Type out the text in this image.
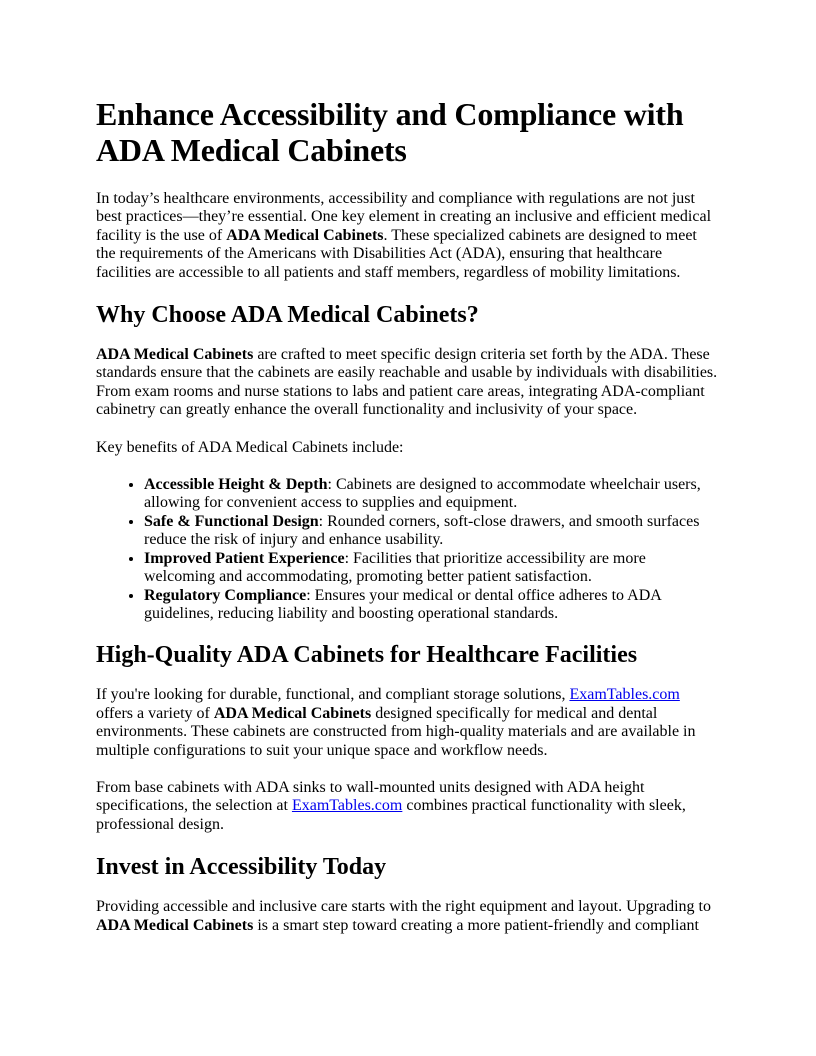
Enhance Accessibility and Compliance with ADA Medical Cabinets

In today’s healthcare environments, accessibility and compliance with regulations are not just best practices—they’re essential. One key element in creating an inclusive and efficient medical facility is the use of ADA Medical Cabinets. These specialized cabinets are designed to meet the requirements of the Americans with Disabilities Act (ADA), ensuring that healthcare facilities are accessible to all patients and staff members, regardless of mobility limitations.

Why Choose ADA Medical Cabinets?

ADA Medical Cabinets are crafted to meet specific design criteria set forth by the ADA. These standards ensure that the cabinets are easily reachable and usable by individuals with disabilities. From exam rooms and nurse stations to labs and patient care areas, integrating ADA-compliant cabinetry can greatly enhance the overall functionality and inclusivity of your space.

Key benefits of ADA Medical Cabinets include:

• Accessible Height & Depth: Cabinets are designed to accommodate wheelchair users, allowing for convenient access to supplies and equipment.
• Safe & Functional Design: Rounded corners, soft-close drawers, and smooth surfaces reduce the risk of injury and enhance usability.
• Improved Patient Experience: Facilities that prioritize accessibility are more welcoming and accommodating, promoting better patient satisfaction.
• Regulatory Compliance: Ensures your medical or dental office adheres to ADA guidelines, reducing liability and boosting operational standards.
High-Quality ADA Cabinets for Healthcare Facilities

If you're looking for durable, functional, and compliant storage solutions, ExamTables.com offers a variety of ADA Medical Cabinets designed specifically for medical and dental environments. These cabinets are constructed from high-quality materials and are available in multiple configurations to suit your unique space and workflow needs.

From base cabinets with ADA sinks to wall-mounted units designed with ADA height specifications, the selection at ExamTables.com combines practical functionality with sleek, professional design.

Invest in Accessibility Today

Providing accessible and inclusive care starts with the right equipment and layout. Upgrading to ADA Medical Cabinets is a smart step toward creating a more patient-friendly and compliant
